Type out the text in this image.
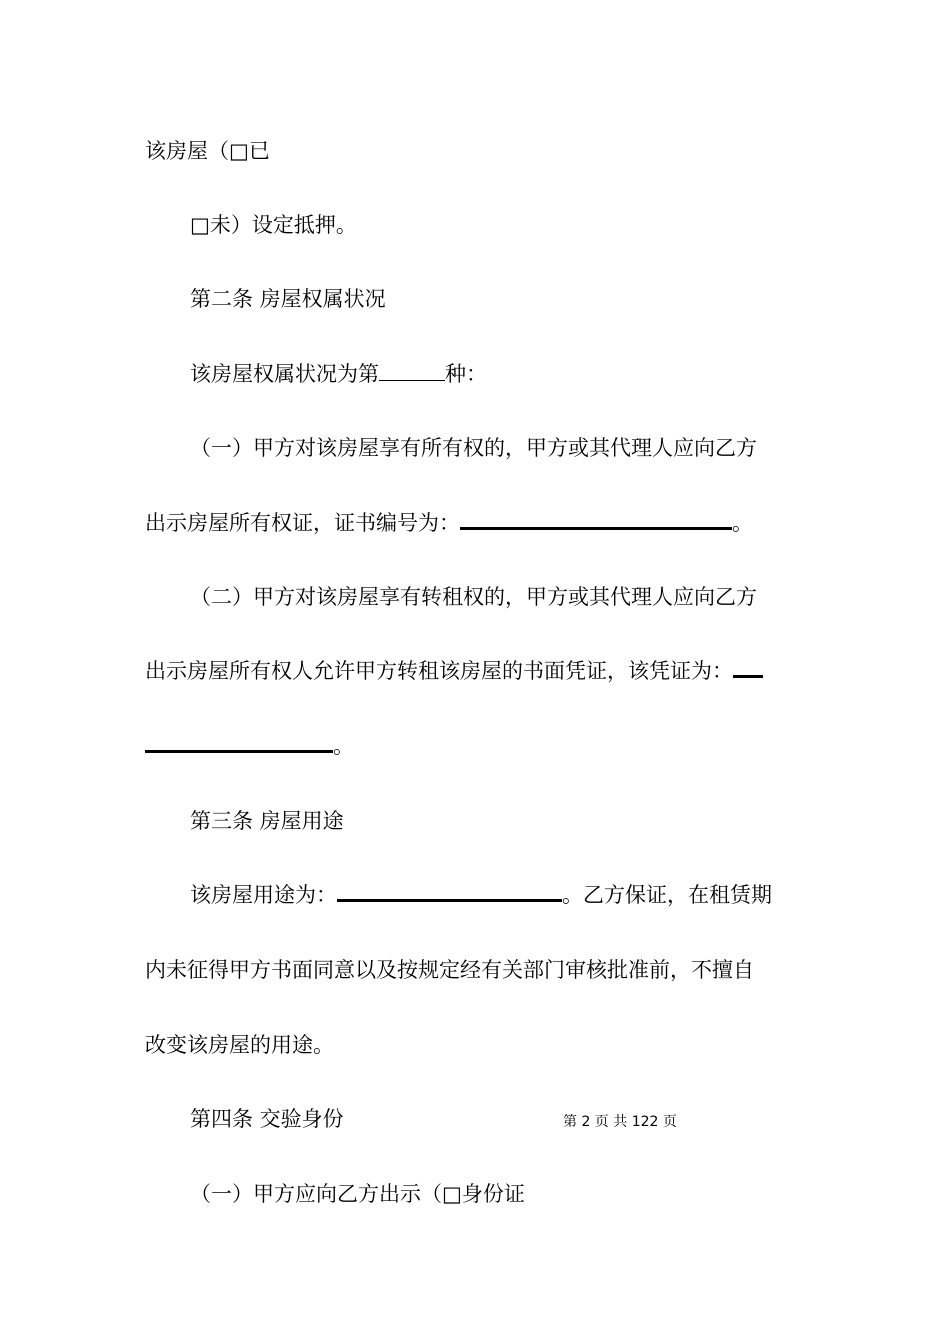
该房屋（□已
□未）设定抵押。
第二条 房屋权属状况
该房屋权属状况为第	种：
（一）甲方对该房屋享有所有权的，甲方或其代理人应向乙方
出示房屋所有权证，证书编号为：	。
（二）甲方对该房屋享有转租权的，甲方或其代理人应向乙方
出示房屋所有权人允许甲方转租该房屋的书面凭证，该凭证为：
。
第三条 房屋用途
该房屋用途为：	。乙方保证，在租赁期
内未征得甲方书面同意以及按规定经有关部门审核批准前，不擅自
改变该房屋的用途。
第四条 交验身份	第 2 页 共 122 页
（一）甲方应向乙方出示（□身份证
